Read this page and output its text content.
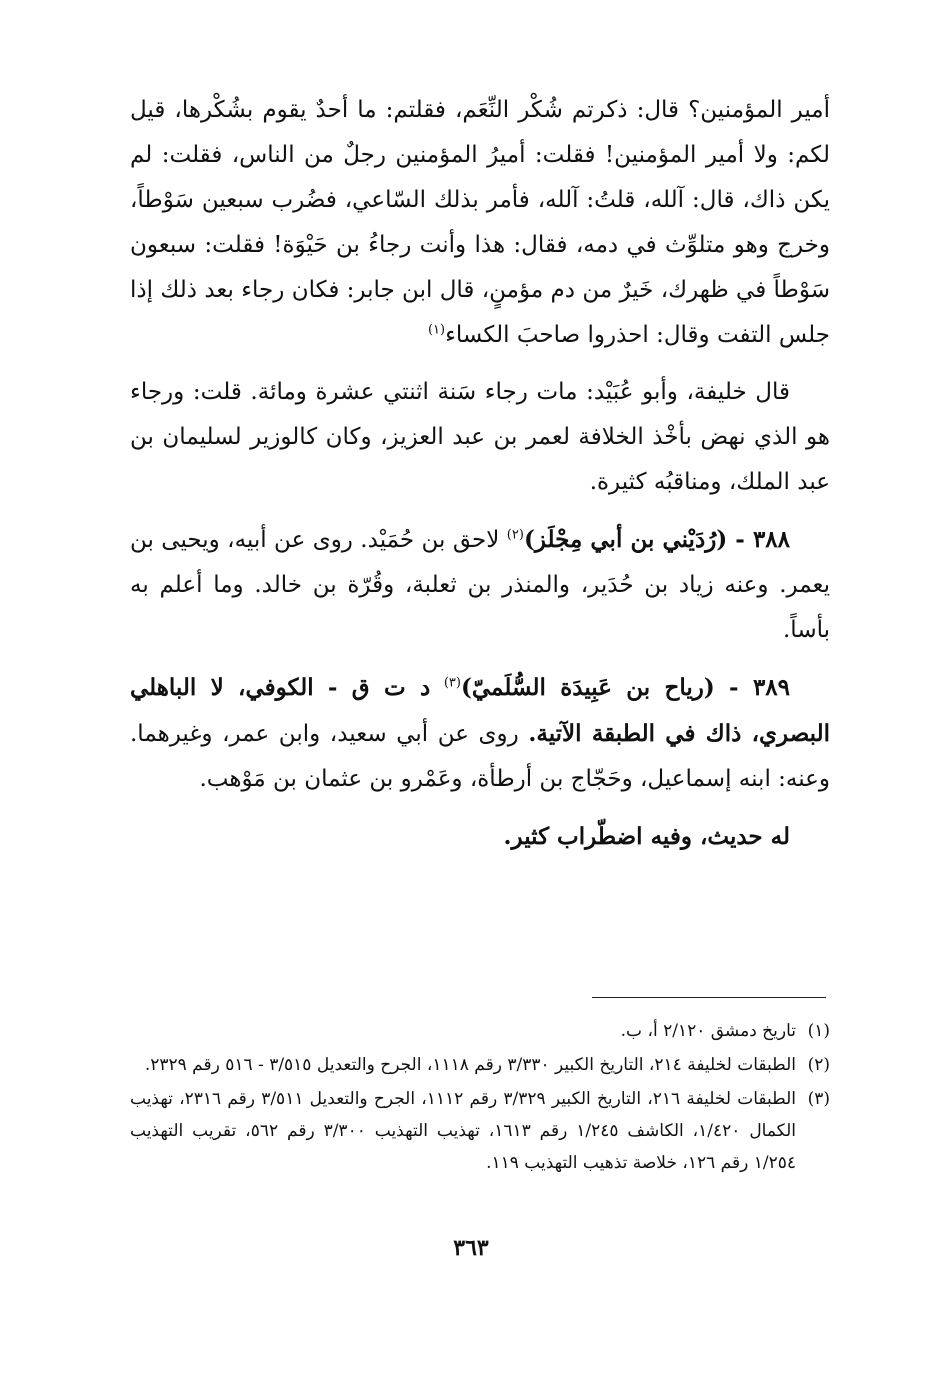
أمير المؤمنين؟ قال: ذكرتم شُكْر النِّعَم، فقلتم: ما أحدٌ يقوم بشُكْرها، قيل لكم: ولا أمير المؤمنين! فقلت: أميرُ المؤمنين رجلٌ من الناس، فقلت: لم يكن ذاك، قال: آلله، قلتُ: آلله، فأمر بذلك السّاعي، فضُرب سبعين سَوْطاً، وخرج وهو متلوِّث في دمه، فقال: هذا وأنت رجاءُ بن حَيْوَة! فقلت: سبعون سَوْطاً في ظهرك، خَيرٌ من دم مؤمنٍ، قال ابن جابر: فكان رجاء بعد ذلك إذا جلس التفت وقال: احذروا صاحبَ الكساء$^{(١)}$

قال خليفة، وأبو عُبَيْد: مات رجاء سَنة اثنتي عشرة ومائة. قلت: ورجاء هو الذي نهض بأخْذ الخلافة لعمر بن عبد العزيز، وكان كالوزير لسليمان بن عبد الملك، ومناقبُه كثيرة.

٣٨٨ - (رُدَيْني بن أبي مِجْلَز)$^{(٢)}$ لاحق بن حُمَيْد. روى عن أبيه، ويحيى بن يعمر. وعنه زياد بن حُدَير، والمنذر بن ثعلبة، وقُرّة بن خالد. وما أعلم به بأساً.

٣٨٩ - (رياح بن عَبِيدَة السُّلَميّ)$^{(٣)}$ د ت ق - الكوفي، لا الباهلي البصري، ذاك في الطبقة الآتية. روى عن أبي سعيد، وابن عمر، وغيرهما. وعنه: ابنه إسماعيل، وحَجّاج بن أرطأة، وعَمْرو بن عثمان بن مَوْهب.

له حديث، وفيه اضطّراب كثير.

(١)
تاريخ دمشق ٢/١٢٠ أ، ب.

(٢)
الطبقات لخليفة ٢١٤، التاريخ الكبير ٣/٣٣٠ رقم ١١١٨، الجرح والتعديل ٣/٥١٥ - ٥١٦ رقم ٢٣٢٩.

(٣)
الطبقات لخليفة ٢١٦، التاريخ الكبير ٣/٣٢٩ رقم ١١١٢، الجرح والتعديل ٣/٥١١ رقم ٢٣١٦، تهذيب الكمال ١/٤٢٠، الكاشف ١/٢٤٥ رقم ١٦١٣، تهذيب التهذيب ٣/٣٠٠ رقم ٥٦٢، تقريب التهذيب ١/٢٥٤ رقم ١٢٦، خلاصة تذهيب التهذيب ١١٩.

٣٦٣
